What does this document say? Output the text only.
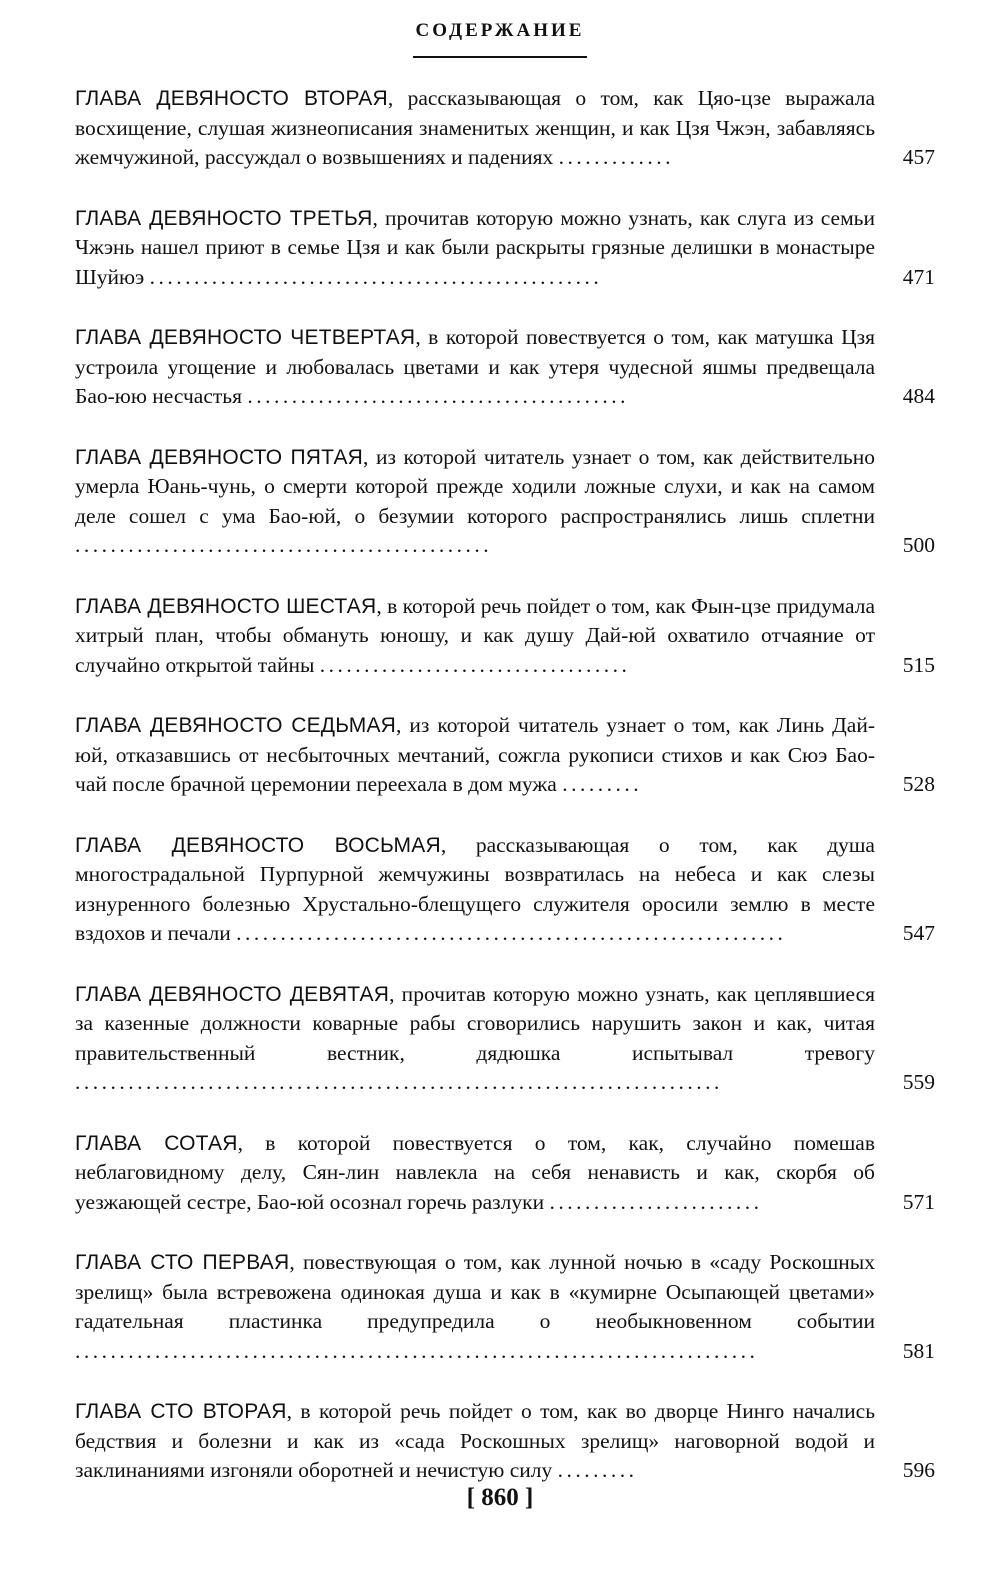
СОДЕРЖАНИЕ
ГЛАВА ДЕВЯНОСТО ВТОРАЯ, рассказывающая о том, как Цяо-цзе выражала восхищение, слушая жизнеописания знаменитых женщин, и как Цзя Чжэн, забавляясь жемчужиной, рассуждал о возвышениях и падениях .............	457
ГЛАВА ДЕВЯНОСТО ТРЕТЬЯ, прочитав которую можно узнать, как слуга из семьи Чжэнь нашел приют в семье Цзя и как были раскрыты грязные делишки в монастыре Шуйюэ ...................................................	471
ГЛАВА ДЕВЯНОСТО ЧЕТВЕРТАЯ, в которой повествуется о том, как матушка Цзя устроила угощение и любовалась цветами и как утеря чудесной яшмы предвещала Бао-юю несчастья ...........................................	484
ГЛАВА ДЕВЯНОСТО ПЯТАЯ, из которой читатель узнает о том, как действительно умерла Юань-чунь, о смерти которой прежде ходили ложные слухи, и как на самом деле сошел с ума Бао-юй, о безумии которого распространялись лишь сплетни ...............................................	500
ГЛАВА ДЕВЯНОСТО ШЕСТАЯ, в которой речь пойдет о том, как Фын-цзе придумала хитрый план, чтобы обмануть юношу, и как душу Дай-юй охватило отчаяние от случайно открытой тайны ...................................	515
ГЛАВА ДЕВЯНОСТО СЕДЬМАЯ, из которой читатель узнает о том, как Линь Дай-юй, отказавшись от несбыточных мечтаний, сожгла рукописи стихов и как Сюэ Бао-чай после брачной церемонии переехала в дом мужа .........	528
ГЛАВА ДЕВЯНОСТО ВОСЬМАЯ, рассказывающая о том, как душа многострадальной Пурпурной жемчужины возвратилась на небеса и как слезы изнуренного болезнью Хрустально-блещущего служителя оросили землю в месте вздохов и печали ..............................................................	547
ГЛАВА ДЕВЯНОСТО ДЕВЯТАЯ, прочитав которую можно узнать, как цеплявшиеся за казенные должности коварные рабы сговорились нарушить закон и как, читая правительственный вестник, дядюшка испытывал тревогу .........................................................................	559
ГЛАВА СОТАЯ, в которой повествуется о том, как, случайно помешав неблаговидному делу, Сян-лин навлекла на себя ненависть и как, скорбя об уезжающей сестре, Бао-юй осознал горечь разлуки ........................	571
ГЛАВА СТО ПЕРВАЯ, повествующая о том, как лунной ночью в «саду Роскошных зрелищ» была встревожена одинокая душа и как в «кумирне Осыпающей цветами» гадательная пластинка предупредила о необыкновенном событии .............................................................................	581
ГЛАВА СТО ВТОРАЯ, в которой речь пойдет о том, как во дворце Нинго начались бедствия и болезни и как из «сада Роскошных зрелищ» наговорной водой и заклинаниями изгоняли оборотней и нечистую силу .........	596
[ 860 ]
